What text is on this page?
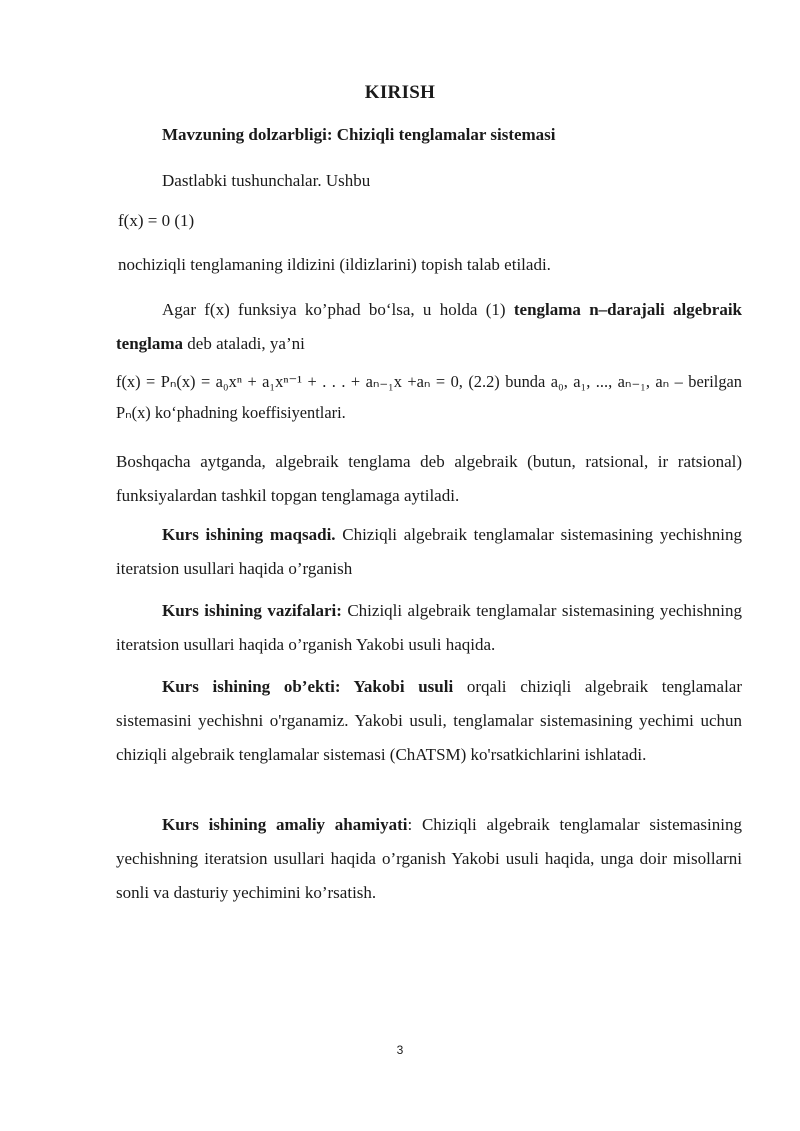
KIRISH
Mavzuning dolzarbligi: Chiziqli tenglamalar sistemasi
Dastlabki tushunchalar. Ushbu
f(x) = 0 (1)
nochiziqli tenglamaning ildizini (ildizlarini) topish talab etiladi.

Agar f(x) funksiya ko’phad bo‘lsa, u holda (1) tenglama n–darajali algebraik tenglama deb ataladi, ya’ni

f(x) = Pₙ(x) = a₀xⁿ + a₁xⁿ⁻¹ + . . . + aₙ₋₁x +aₙ = 0, (2.2) bunda a₀, a₁, ..., aₙ₋₁, aₙ – berilgan Pₙ(x) ko‘phadning koeffisiyentlari.

Boshqacha aytganda, algebraik tenglama deb algebraik (butun, ratsional, ir ratsional) funksiyalardan tashkil topgan tenglamaga aytiladi.

Kurs ishining maqsadi. Chiziqli algebraik tenglamalar sistemasining yechishning iteratsion usullari haqida o’rganish

Kurs ishining vazifalari: Chiziqli algebraik tenglamalar sistemasining yechishning iteratsion usullari haqida o’rganish Yakobi usuli haqida.

Kurs ishining ob’ekti: Yakobi usuli orqali chiziqli algebraik tenglamalar sistemasini yechishni o'rganamiz. Yakobi usuli, tenglamalar sistemasining yechimi uchun chiziqli algebraik tenglamalar sistemasi (ChATSM) ko'rsatkichlarini ishlatadi.

Kurs ishining amaliy ahamiyati: Chiziqli algebraik tenglamalar sistemasining yechishning iteratsion usullari haqida o’rganish Yakobi usuli haqida, unga doir misollarni sonli va dasturiy yechimini ko’rsatish.

3
